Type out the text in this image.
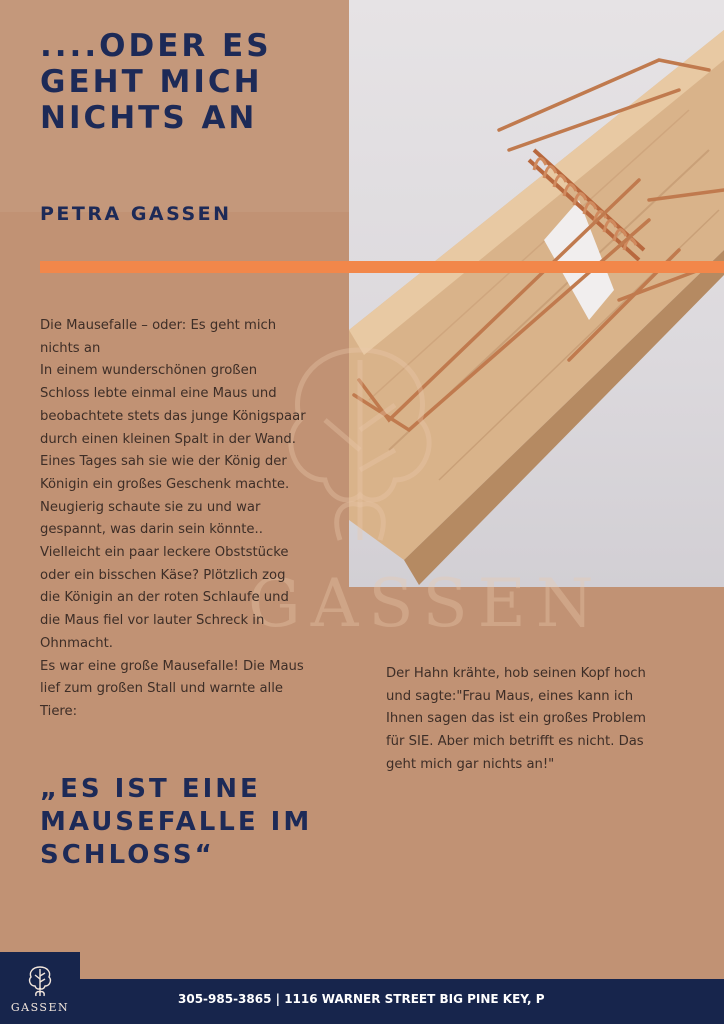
GASSEN
....ODER ES GEHT MICH NICHTS AN
PETRA GASSEN

Die Mausefalle – oder: Es geht mich nichts an
In einem wunderschönen großen Schloss lebte einmal eine Maus und beobachtete stets das junge Königspaar durch einen kleinen Spalt in der Wand.
Eines Tages sah sie wie der König der Königin ein großes Geschenk machte. Neugierig schaute sie zu und war gespannt, was darin sein könnte.. Vielleicht ein paar leckere Obststücke oder ein bisschen Käse? Plötzlich zog die Königin an der roten Schlaufe und die Maus fiel vor lauter Schreck in Ohnmacht.
Es war eine große Mausefalle! Die Maus lief zum großen Stall und warnte alle Tiere:

Der Hahn krähte, hob seinen Kopf hoch und sagte:"Frau Maus, eines kann ich Ihnen sagen das ist ein großes Problem für SIE. Aber mich betrifft es nicht. Das geht mich gar nichts an!"

„ES IST EINE MAUSEFALLE IM SCHLOSS“
305-985-3865 | 1116 WARNER STREET BIG PINE KEY, P
GASSEN
